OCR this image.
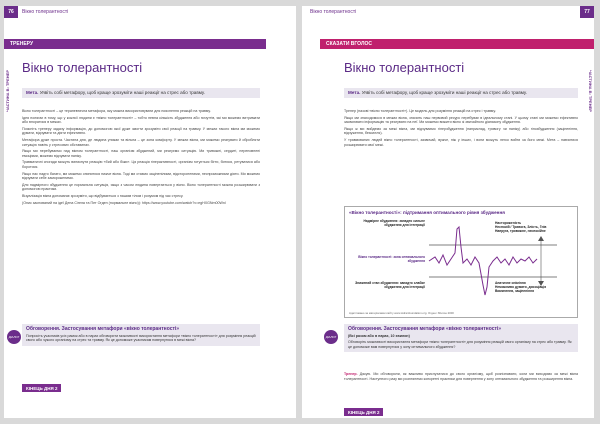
76	Вікно толерантності
ТРЕНЕРУ
ЧАСТИНА В: ТРЕНЕР
Вікно толерантності
Мета. Уявіть собі метафору, щоб краще зрозуміти наші реакції на стрес або травму.

Вікно толерантності – це терапевтична метафора, яку можна використовувати для пояснення реакцій на травму.

Ідея полягає в тому, що у кожної людини є «вікно толерантності» – тобто певна кількість збудження або почуттів, які ми можемо витримати або впоратися в межах.

Поясніть тренеру задачу інформацію, до допомогою якої дуже змогти зрозуміти свої реакції на травму. У межах такого вікна ми можемо думати, відчувати та діяти ефективно.

Метафора дуже проста. Частина дня, де людина уникає та вільна – це зона комфорту. У межах вікна, ми можемо реагувати й обробляти ситуацію навіть у стресових обставинах.

Якщо ми перебуваємо над вікном толерантності, наш організм збуджений, ми реагуємо ситуацію. Ми тривожні, сердиті, переповнені емоціями, можемо відчувати паніку.

Травматичні спогади можуть виникнути реакцію «бий або біжи». Ця реакція гіперактивності, організм готується бігти, битися, ретуватися або боротися.

Якщо нас надто багато, ми можемо опинитися нижче вікна. Тоді ми стаємо заціпенілими, відстороненими, неспроможними діяти. Ми можемо відчувати себе замороженими.

Для надмірного збудження це нормальна ситуація, якщо з часом людина повертається у вікно. Вікно толерантності можна розширювати з допомогою практики.

Візуалізація вікна допомагає зрозуміти, що відбувається з нашим тілом і розумом під час стресу.

(Опис заснований на ідеї Дена Сігела та Пет Огден (нормальне вікно)): https://www.youtube.com/watch?v=egHXGNm00Wnl

ДІАЛОГ
Обговорення. Застосування метафори «вікно толерантності»
Попросіть учасників усіх рамок або в парах обговорити можливості використання метафори «вікно толерантності» для розуміння реакцій свого або чужого організму на стрес та травму. Як це допоможе учасникам повернутися в межі вікна?
КІНЕЦЬ ДНЯ 2
77
Вікно толерантності
СКАЗАТИ ВГОЛОС
ЧАСТИНА В: ТРЕНЕР
Вікно толерантності
Мета. Уявіть собі метафору, щоб краще зрозуміти наші реакції на стрес або травму.

Тренер (назові «вікно толерантності»). Це модель для розуміння реакцій на стрес і травму.

Якщо ми знаходимося в межах вікна, значить наш нервовий ресурс перебуває в ідеальному стані. У цьому стані ми можемо ефективно засвоювати інформацію та реагувати на неї. Ми можемо вижити вікно зі звичайного діапазону збудження.

Якщо ж ми вийдемо за межі вікна, ми відчуваємо гіперзбудження (наприклад, тривогу чи паніку) або гіпозбудження (заціпеніння, відчуження, безсилля).

У травмованих людей вікно толерантності, зазвичай, вужче, ніж у інших, і вони можуть легко вийти за його межі. Мета – навчитися розширювати свої межі.

«Вікно толерантності»: підтримання оптимального рівня збудження
Надмірне збудження: занадто сильне збудження для інтеграції
Вікно толерантності: зона оптимального збудження
Знижений стан збудження: занадто слабке збудження для інтеграції
Настороженість
Неспокій / Тривога, Злість, Гнів
Напруга, тривожне, неспокійне
Апатичне оніміння
Неможливо думати, дисоціація
Вимкнення, заціпеніння
Адаптовано за матеріалами сайту www.sidranfoundation.org. Огден і Мінтон 2000
ДІАЛОГ
Обговорення. Застосування метафори «вікно толерантності»
(Всі разом або в парах, 10 хвилин)
Обговоріть можливості використання метафори «вікно толерантності» для розуміння реакцій свого організму на стрес або травму. Як це допоможе вам повернутися у зону оптимального збудження?
Тренер. Дякую. Ми обговорили, як важливо прислухатися до свого організму, щоб розпізнавати, коли ми виходимо за межі вікна толерантності. Наступного разу ми розглянемо конкретні практики для повернення у зону оптимального збудження та розширення вікна.
КІНЕЦЬ ДНЯ 2
